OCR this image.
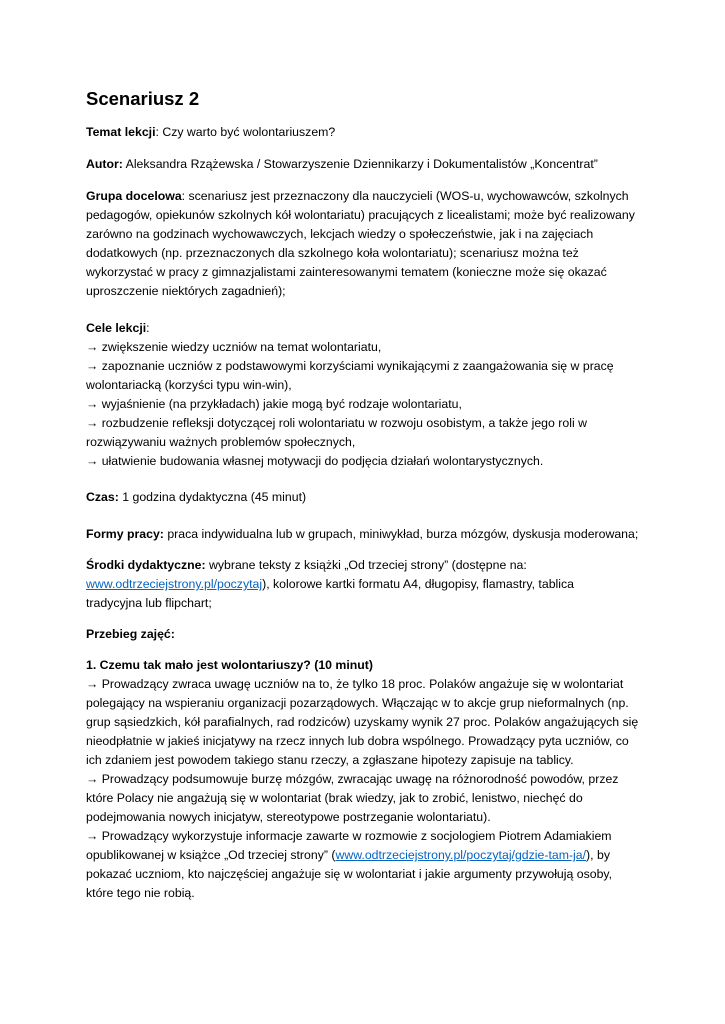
Scenariusz 2

Temat lekcji: Czy warto być wolontariuszem?

Autor: Aleksandra Rzążewska / Stowarzyszenie Dziennikarzy i Dokumentalistów „Koncentrat”

Grupa docelowa: scenariusz jest przeznaczony dla nauczycieli (WOS-u, wychowawców, szkolnych
pedagogów, opiekunów szkolnych kół wolontariatu) pracujących z licealistami; może być realizowany
zarówno na godzinach wychowawczych, lekcjach wiedzy o społeczeństwie, jak i na zajęciach
dodatkowych (np. przeznaczonych dla szkolnego koła wolontariatu); scenariusz można też
wykorzystać w pracy z gimnazjalistami zainteresowanymi tematem (konieczne może się okazać
uproszczenie niektórych zagadnień);

Cele lekcji:
→ zwiększenie wiedzy uczniów na temat wolontariatu,
→ zapoznanie uczniów z podstawowymi korzyściami wynikającymi z zaangażowania się w pracę
wolontariacką (korzyści typu win-win),
→ wyjaśnienie (na przykładach) jakie mogą być rodzaje wolontariatu,
→ rozbudzenie refleksji dotyczącej roli wolontariatu w rozwoju osobistym, a także jego roli w
rozwiązywaniu ważnych problemów społecznych,
→ ułatwienie budowania własnej motywacji do podjęcia działań wolontarystycznych.

Czas: 1 godzina dydaktyczna (45 minut)

Formy pracy: praca indywidualna lub w grupach, miniwykład, burza mózgów, dyskusja moderowana;

Środki dydaktyczne: wybrane teksty z książki „Od trzeciej strony” (dostępne na:
www.odtrzeciejstrony.pl/poczytaj), kolorowe kartki formatu A4, długopisy, flamastry, tablica
tradycyjna lub flipchart;

Przebieg zajęć:

1. Czemu tak mało jest wolontariuszy? (10 minut)
→ Prowadzący zwraca uwagę uczniów na to, że tylko 18 proc. Polaków angażuje się w wolontariat
polegający na wspieraniu organizacji pozarządowych. Włączając w to akcje grup nieformalnych (np.
grup sąsiedzkich, kół parafialnych, rad rodziców) uzyskamy wynik 27 proc. Polaków angażujących się
nieodpłatnie w jakieś inicjatywy na rzecz innych lub dobra wspólnego. Prowadzący pyta uczniów, co
ich zdaniem jest powodem takiego stanu rzeczy, a zgłaszane hipotezy zapisuje na tablicy.
→ Prowadzący podsumowuje burzę mózgów, zwracając uwagę na różnorodność powodów, przez
które Polacy nie angażują się w wolontariat (brak wiedzy, jak to zrobić, lenistwo, niechęć do
podejmowania nowych inicjatyw, stereotypowe postrzeganie wolontariatu).
→ Prowadzący wykorzystuje informacje zawarte w rozmowie z socjologiem Piotrem Adamiakiem
opublikowanej w książce „Od trzeciej strony” (www.odtrzeciejstrony.pl/poczytaj/gdzie-tam-ja/), by
pokazać uczniom, kto najczęściej angażuje się w wolontariat i jakie argumenty przywołują osoby,
które tego nie robią.
